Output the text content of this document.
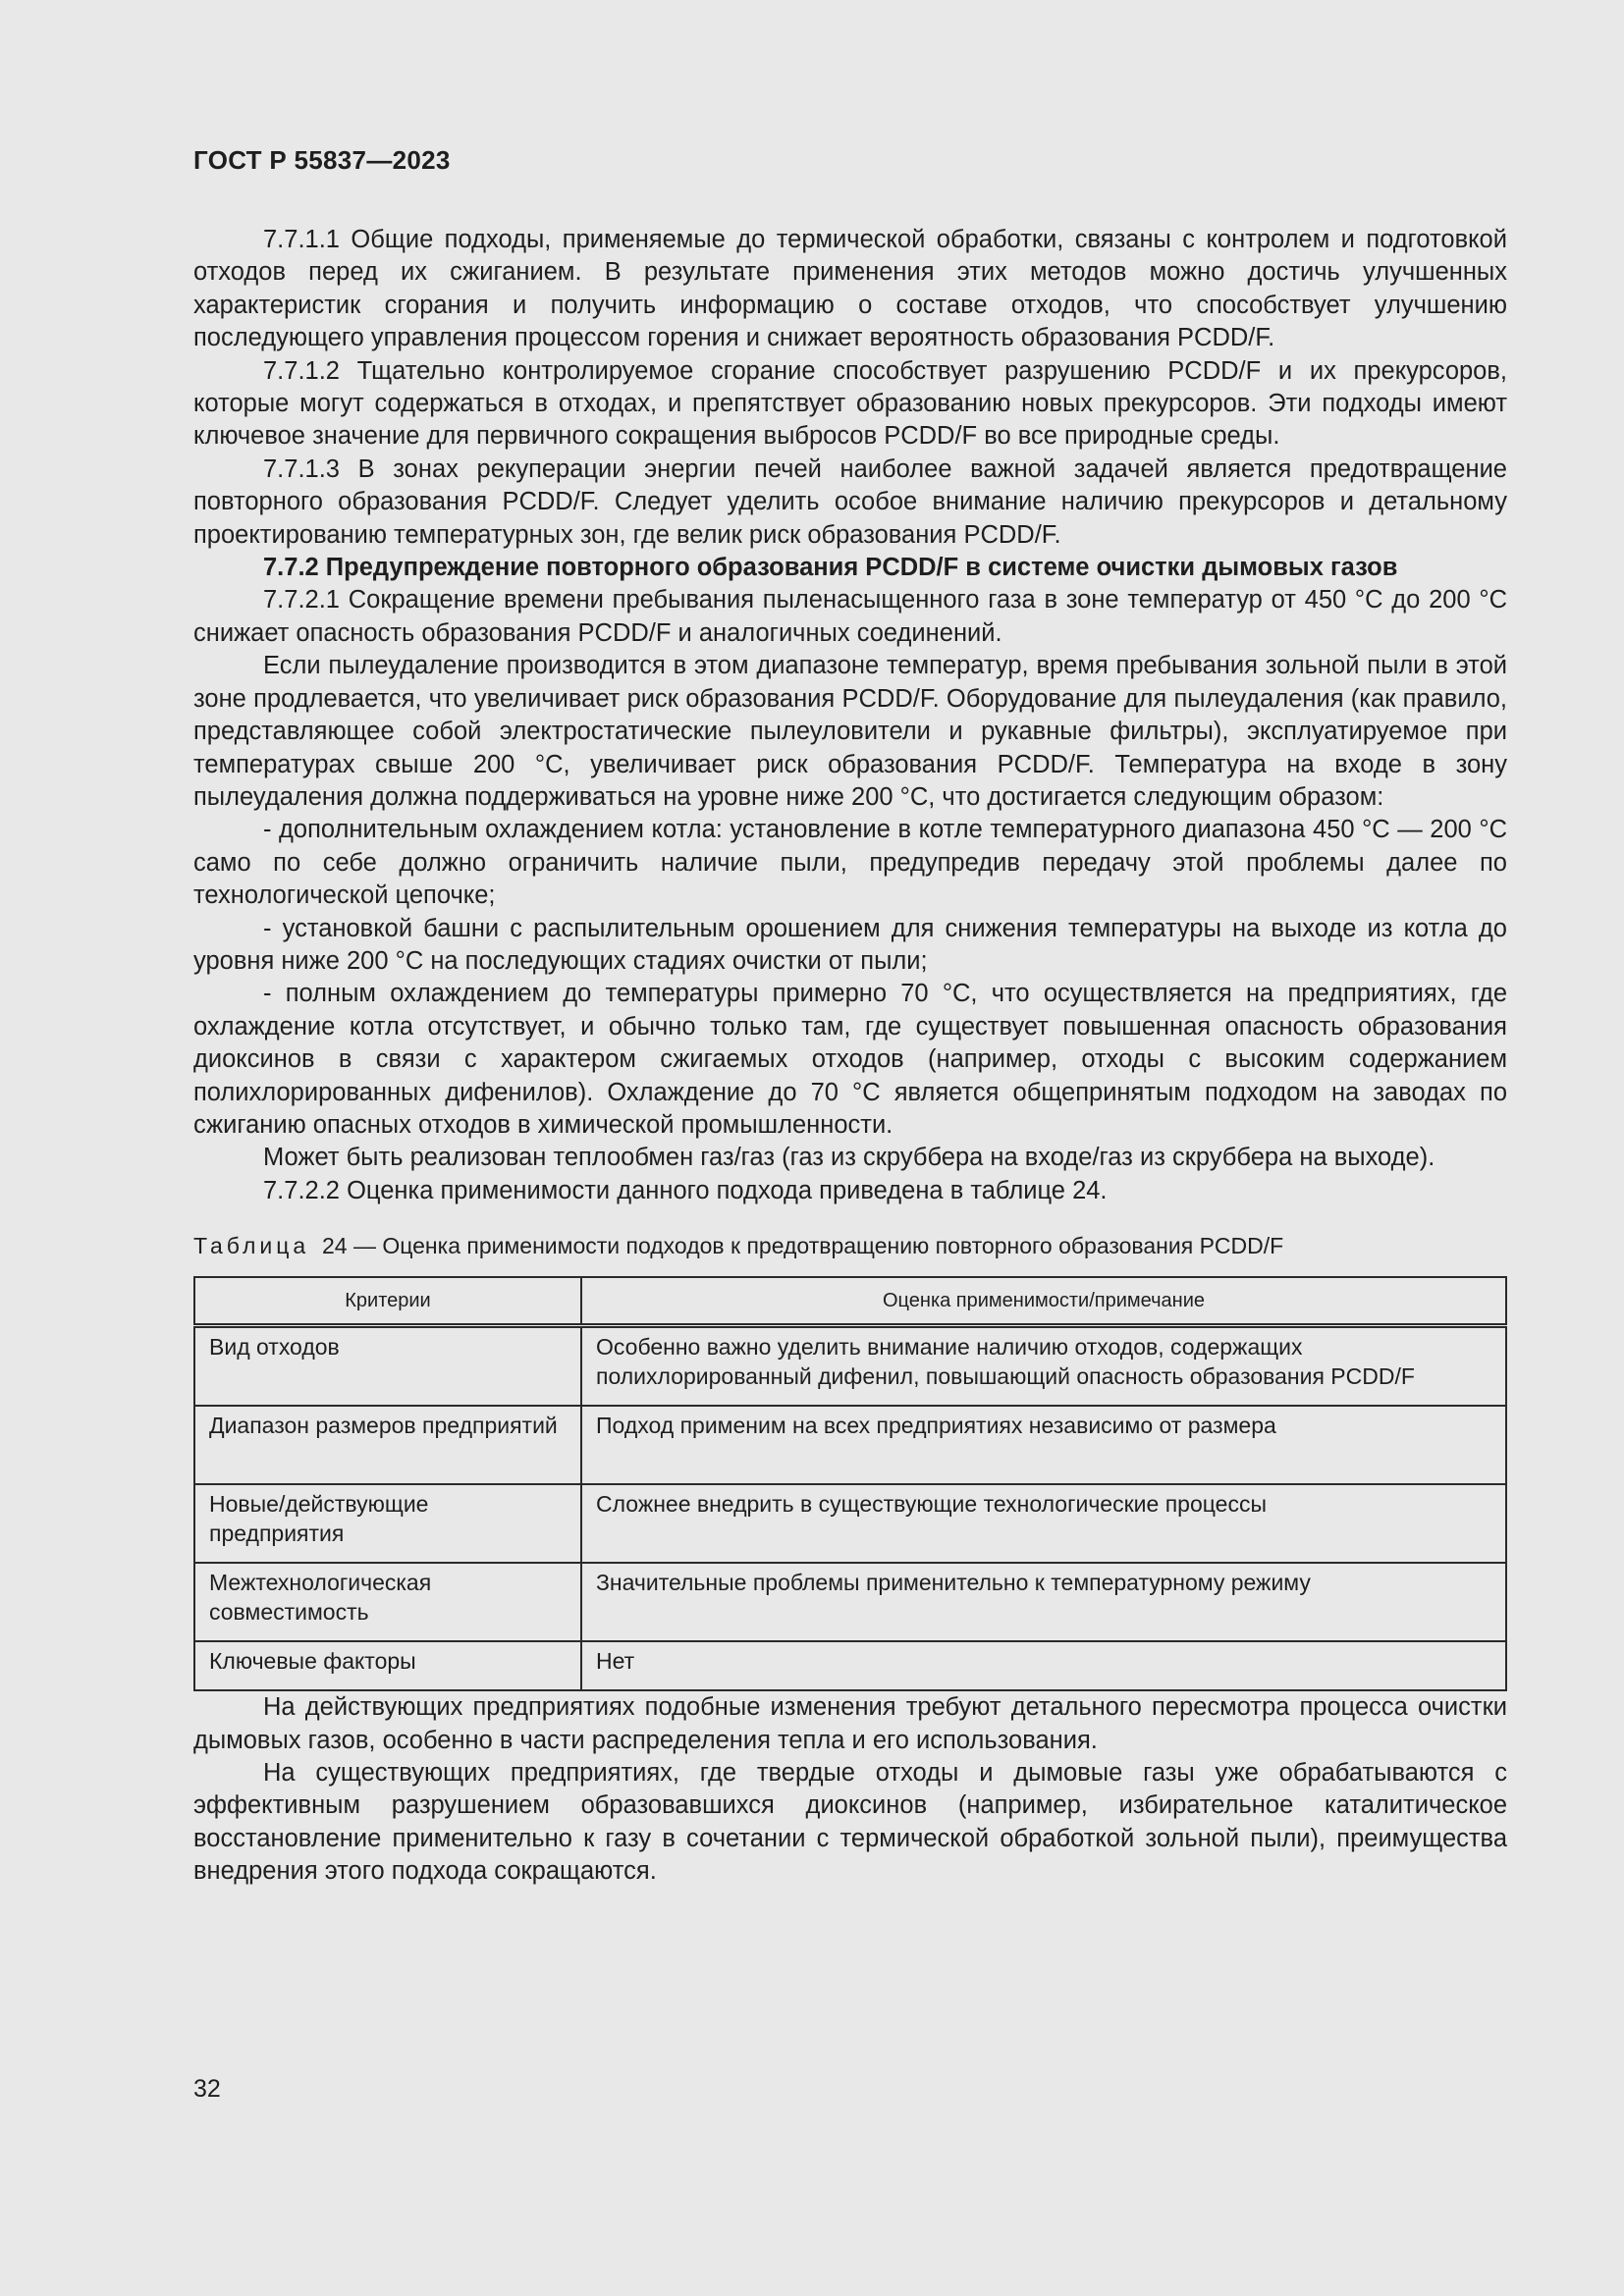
ГОСТ Р 55837—2023

7.7.1.1 Общие подходы, применяемые до термической обработки, связаны с контролем и подготовкой отходов перед их сжиганием. В результате применения этих методов можно достичь улучшенных характеристик сгорания и получить информацию о составе отходов, что способствует улучшению последующего управления процессом горения и снижает вероятность образования PCDD/F.

7.7.1.2 Тщательно контролируемое сгорание способствует разрушению PCDD/F и их прекурсоров, которые могут содержаться в отходах, и препятствует образованию новых прекурсоров. Эти подходы имеют ключевое значение для первичного сокращения выбросов PCDD/F во все природные среды.

7.7.1.3 В зонах рекуперации энергии печей наиболее важной задачей является предотвращение повторного образования PCDD/F. Следует уделить особое внимание наличию прекурсоров и детальному проектированию температурных зон, где велик риск образования PCDD/F.

7.7.2 Предупреждение повторного образования PCDD/F в системе очистки дымовых газов

7.7.2.1 Сокращение времени пребывания пыленасыщенного газа в зоне температур от 450 °С до 200 °С снижает опасность образования PCDD/F и аналогичных соединений.

Если пылеудаление производится в этом диапазоне температур, время пребывания зольной пыли в этой зоне продлевается, что увеличивает риск образования PCDD/F. Оборудование для пылеудаления (как правило, представляющее собой электростатические пылеуловители и рукавные фильтры), эксплуатируемое при температурах свыше 200 °С, увеличивает риск образования PCDD/F. Температура на входе в зону пылеудаления должна поддерживаться на уровне ниже 200 °С, что достигается следующим образом:

- дополнительным охлаждением котла: установление в котле температурного диапазона 450 °С — 200 °С само по себе должно ограничить наличие пыли, предупредив передачу этой проблемы далее по технологической цепочке;

- установкой башни с распылительным орошением для снижения температуры на выходе из котла до уровня ниже 200 °С на последующих стадиях очистки от пыли;

- полным охлаждением до температуры примерно 70 °С, что осуществляется на предприятиях, где охлаждение котла отсутствует, и обычно только там, где существует повышенная опасность образования диоксинов в связи с характером сжигаемых отходов (например, отходы с высоким содержанием полихлорированных дифенилов). Охлаждение до 70 °С является общепринятым подходом на заводах по сжиганию опасных отходов в химической промышленности.

Может быть реализован теплообмен газ/газ (газ из скруббера на входе/газ из скруббера на выходе).

7.7.2.2 Оценка применимости данного подхода приведена в таблице 24.

Таблица 24 — Оценка применимости подходов к предотвращению повторного образования PCDD/F
Критерии	Оценка применимости/примечание
Вид отходов	Особенно важно уделить внимание наличию отходов, содержащих полихлорированный дифенил, повышающий опасность образования PCDD/F
Диапазон размеров предприятий	Подход применим на всех предприятиях независимо от размера
Новые/действующие предприятия	Сложнее внедрить в существующие технологические процессы
Межтехнологическая совместимость	Значительные проблемы применительно к температурному режиму
Ключевые факторы	Нет

На действующих предприятиях подобные изменения требуют детального пересмотра процесса очистки дымовых газов, особенно в части распределения тепла и его использования.

На существующих предприятиях, где твердые отходы и дымовые газы уже обрабатываются с эффективным разрушением образовавшихся диоксинов (например, избирательное каталитическое восстановление применительно к газу в сочетании с термической обработкой зольной пыли), преимущества внедрения этого подхода сокращаются.

32
